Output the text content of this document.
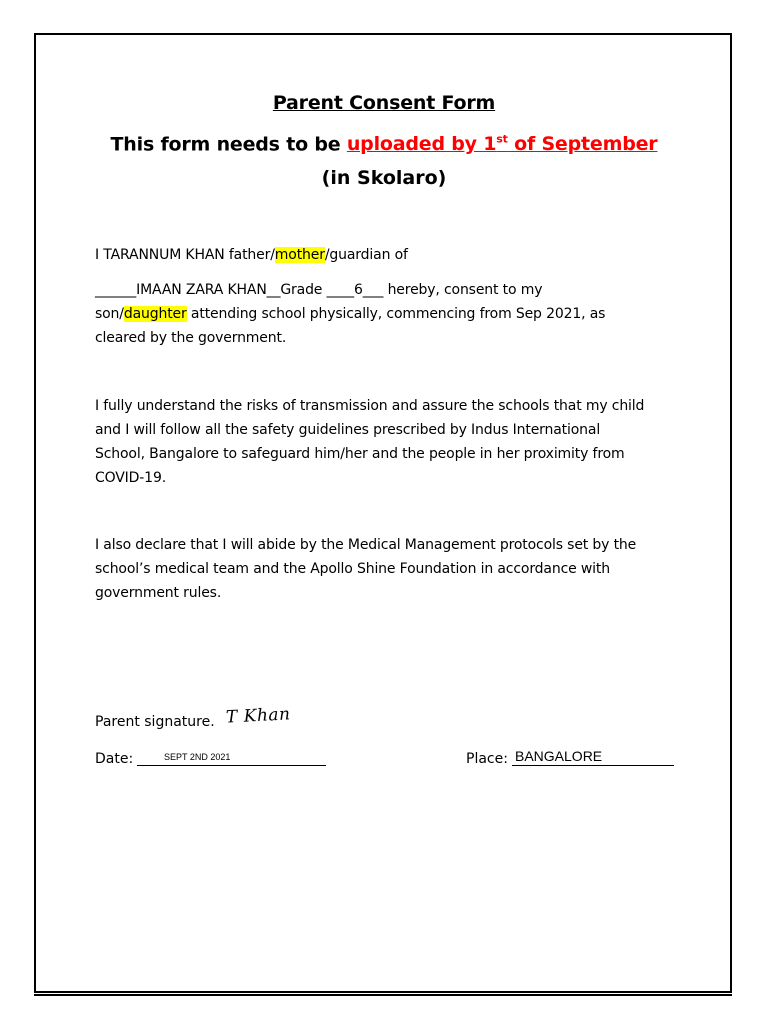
Parent Consent Form
This form needs to be uploaded by 1st of September
(in Skolaro)
I TARANNUM KHAN father/mother/guardian of
______IMAAN ZARA KHAN__Grade ____6___ hereby, consent to my
son/daughter attending school physically, commencing from Sep 2021, as
cleared by the government.
I fully understand the risks of transmission and assure the schools that my child
and I will follow all the safety guidelines prescribed by Indus International
School, Bangalore to safeguard him/her and the people in her proximity from
COVID-19.
I also declare that I will abide by the Medical Management protocols set by the
school’s medical team and the Apollo Shine Foundation in accordance with
government rules.
Parent signature. T Khan
Date:	SEPT 2ND 2021	Place: BANGALORE
